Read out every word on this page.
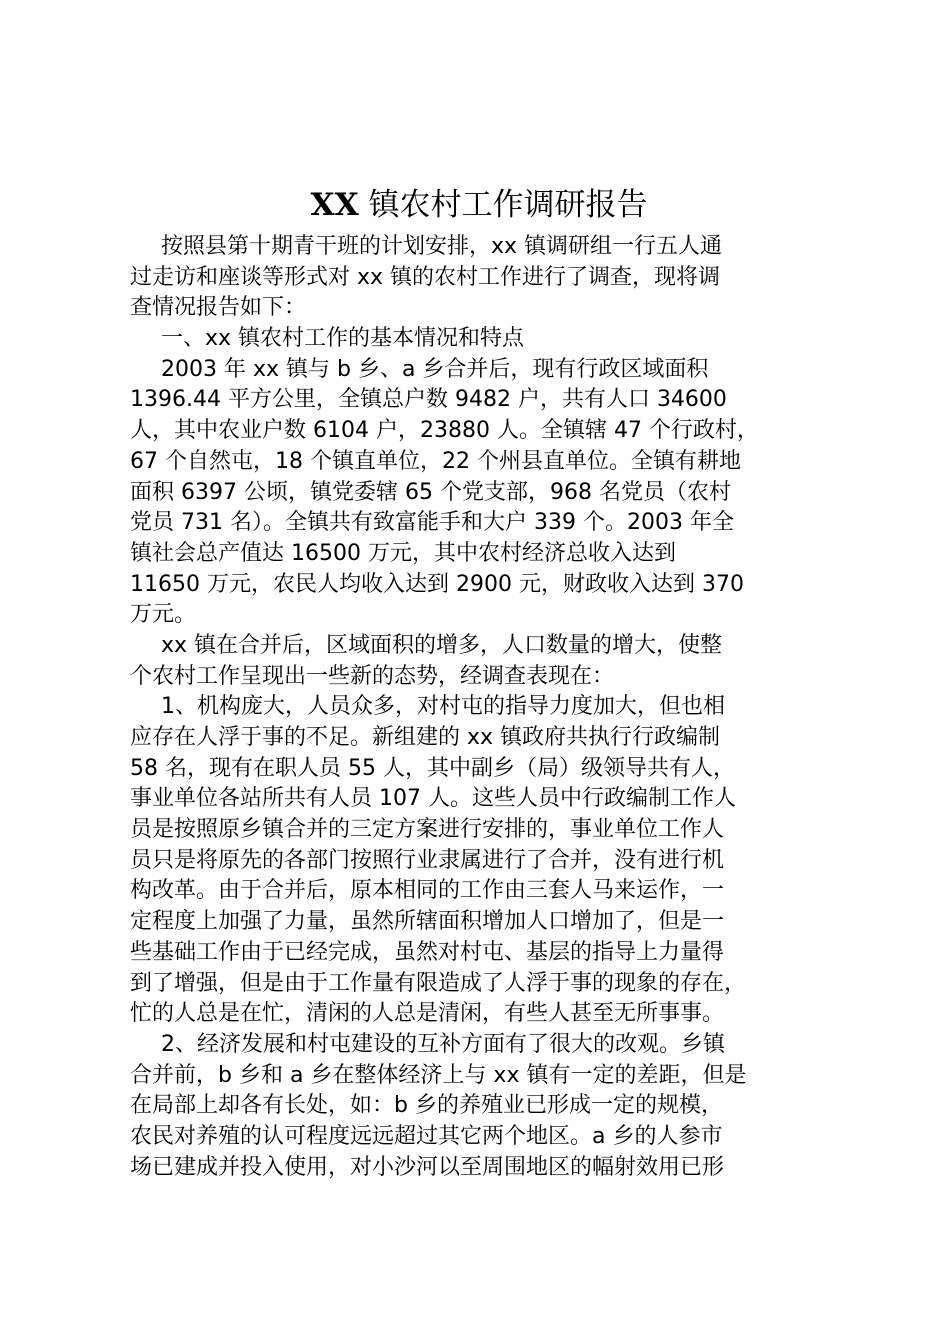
XX 镇农村工作调研报告

按照县第十期青干班的计划安排，xx 镇调研组一行五人通
过走访和座谈等形式对 xx 镇的农村工作进行了调查，现将调
查情况报告如下：

一、xx 镇农村工作的基本情况和特点

2003 年 xx 镇与 b 乡、a 乡合并后，现有行政区域面积
1396.44 平方公里，全镇总户数 9482 户，共有人口 34600
人，其中农业户数 6104 户，23880 人。全镇辖 47 个行政村，
67 个自然屯，18 个镇直单位，22 个州县直单位。全镇有耕地
面积 6397 公顷，镇党委辖 65 个党支部，968 名党员（农村
党员 731 名）。全镇共有致富能手和大户 339 个。2003 年全
镇社会总产值达 16500 万元，其中农村经济总收入达到
11650 万元，农民人均收入达到 2900 元，财政收入达到 370
万元。

xx 镇在合并后，区域面积的增多，人口数量的增大，使整
个农村工作呈现出一些新的态势，经调查表现在：

1、机构庞大，人员众多，对村屯的指导力度加大，但也相
应存在人浮于事的不足。新组建的 xx 镇政府共执行行政编制
58 名，现有在职人员 55 人，其中副乡（局）级领导共有人，
事业单位各站所共有人员 107 人。这些人员中行政编制工作人
员是按照原乡镇合并的三定方案进行安排的，事业单位工作人
员只是将原先的各部门按照行业隶属进行了合并，没有进行机
构改革。由于合并后，原本相同的工作由三套人马来运作，一
定程度上加强了力量，虽然所辖面积增加人口增加了，但是一
些基础工作由于已经完成，虽然对村屯、基层的指导上力量得
到了增强，但是由于工作量有限造成了人浮于事的现象的存在，
忙的人总是在忙，清闲的人总是清闲，有些人甚至无所事事。

2、经济发展和村屯建设的互补方面有了很大的改观。乡镇
合并前，b 乡和 a 乡在整体经济上与 xx 镇有一定的差距，但是
在局部上却各有长处，如：b 乡的养殖业已形成一定的规模，
农民对养殖的认可程度远远超过其它两个地区。a 乡的人参市
场已建成并投入使用，对小沙河以至周围地区的幅射效用已形
